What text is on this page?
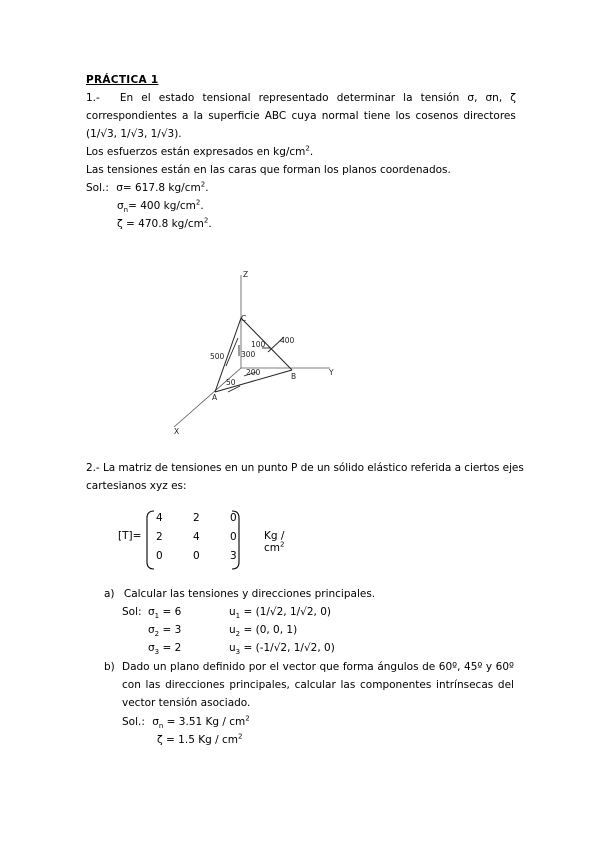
PRÁCTICA 1
1.- En el estado tensional representado determinar la tensión σ, σn, ζ
correspondientes a la superficie ABC cuya normal tiene los cosenos directores
(1/√3, 1/√3, 1/√3).
Los esfuerzos están expresados en $kg/cm^2$.
Las tensiones están en las caras que forman los planos coordenados.
Sol.: σ= 617.8 $kg/cm^2$.
$\sigma_n= 400$ $kg/cm^2$.
ζ = 470.8 $kg/cm^2$.
Z
Y
X
C
B
A
500 300
100 400
200
50
2.- La matriz de tensiones en un punto P de un sólido elástico referida a ciertos ejes
cartesianos xyz es:
[T]=
4	2	0
2	4	0
0	0	3
Kg / $cm^2$
a) Calcular las tensiones y direcciones principales.
Sol: $\sigma_1 = 6$	$u_1 = (1/√2$, 1/√2, 0)
$\sigma_2 = 3$	$u_2 = (0$, 0, 1)
$\sigma_3 = 2$	$u_3 = (-1/√2$, 1/√2, 0)
b) Dado un plano definido por el vector que forma ángulos de 60º, 45º y 60º
con las direcciones principales, calcular las componentes intrínsecas del
vector tensión asociado.
Sol.: $\sigma_n = 3.51$ Kg / $cm^2$
ζ = 1.5 Kg / $cm^2$
